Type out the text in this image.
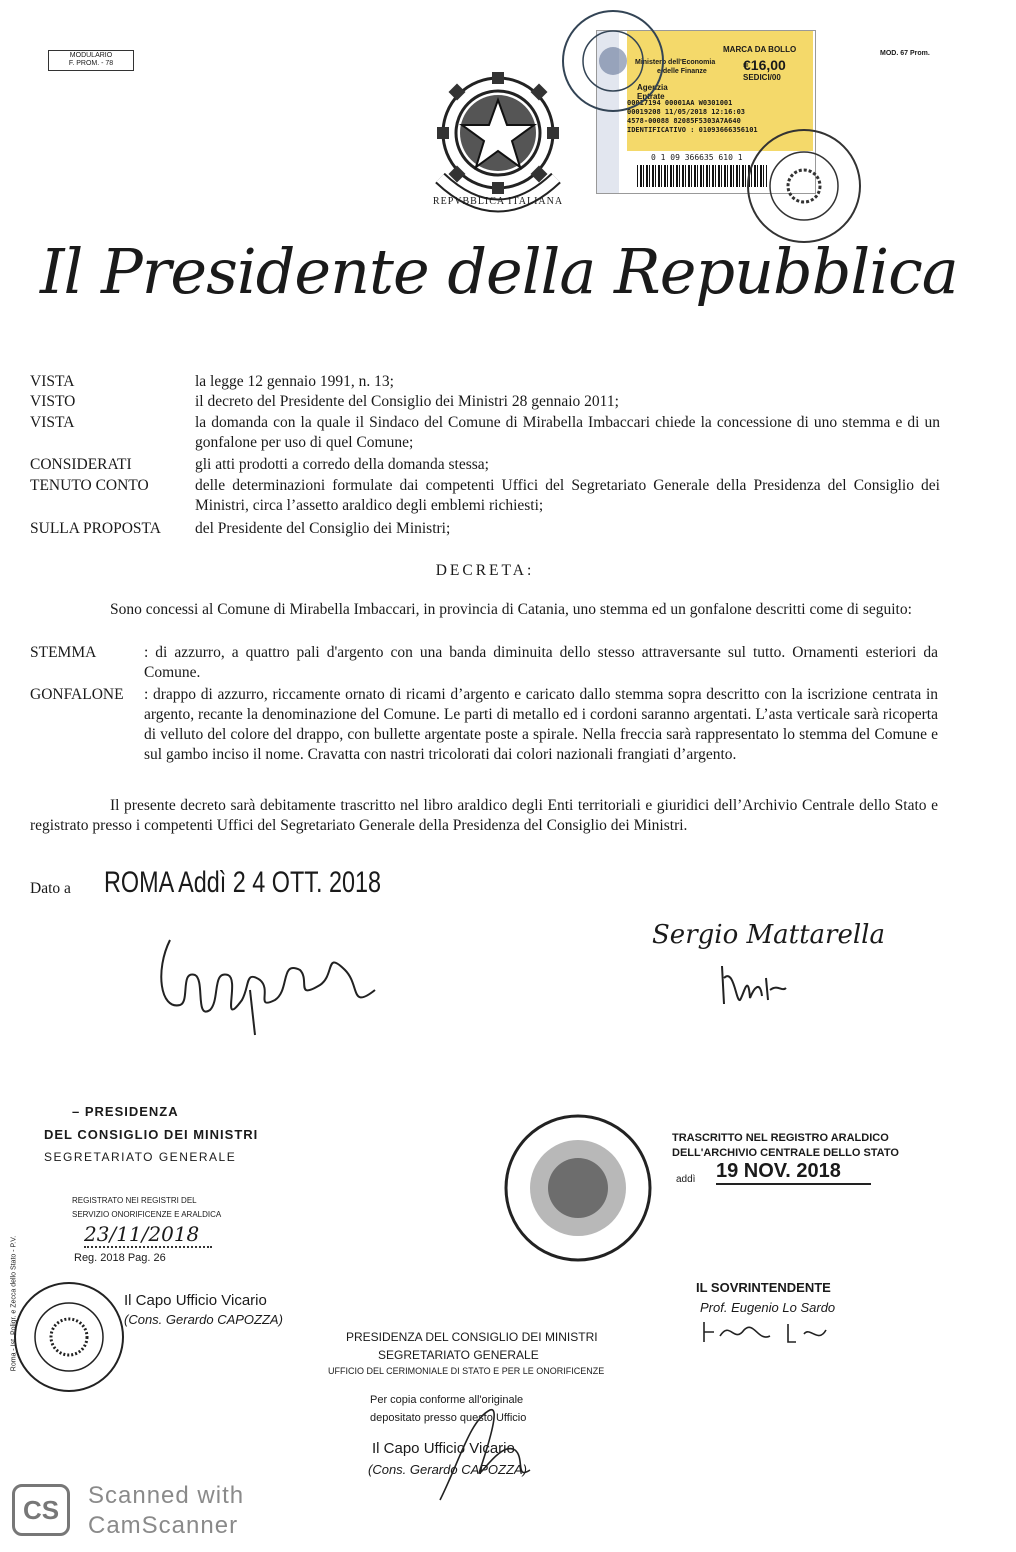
MODULARIO
F. PROM. - 78
MOD. 67 Prom.
REPVBBLICA ITALIANA
Il Presidente della Repubblica
MARCA DA BOLLO
Ministero dell'Economia
e delle Finanze	€16,00
SEDICI/00
Agenzia Entrate
00017194 00001AA W0301001
00019208 11/05/2018 12:16:03
4578-00088 82085F5303A7A640
IDENTIFICATIVO : 01093666356101
0 1 09 366635 610 1
VISTA	la legge 12 gennaio 1991, n. 13;
VISTO	il decreto del Presidente del Consiglio dei Ministri 28 gennaio 2011;
VISTA	la domanda con la quale il Sindaco del Comune di Mirabella Imbaccari chiede la concessione di uno stemma e di un gonfalone per uso di quel Comune;
CONSIDERATI	gli atti prodotti a corredo della domanda stessa;
TENUTO CONTO	delle determinazioni formulate dai competenti Uffici del Segretariato Generale della Presidenza del Consiglio dei Ministri, circa l’assetto araldico degli emblemi richiesti;
SULLA PROPOSTA del Presidente del Consiglio dei Ministri;
DECRETA:
Sono concessi al Comune di Mirabella Imbaccari, in provincia di Catania, uno stemma ed un gonfalone descritti come di seguito:
STEMMA	: di azzurro, a quattro pali d'argento con una banda diminuita dello stesso attraversante sul tutto. Ornamenti esteriori da Comune.
GONFALONE : drappo di azzurro, riccamente ornato di ricami d’argento e caricato dallo stemma sopra descritto con la iscrizione centrata in argento, recante la denominazione del Comune. Le parti di metallo ed i cordoni saranno argentati. L’asta verticale sarà ricoperta di velluto del colore del drappo, con bullette argentate poste a spirale. Nella freccia sarà rappresentato lo stemma del Comune e sul gambo inciso il nome. Cravatta con nastri tricolorati dai colori nazionali frangiati d’argento.
Il presente decreto sarà debitamente trascritto nel libro araldico degli Enti territoriali e giuridici dell’Archivio Centrale dello Stato e registrato presso i competenti Uffici del Segretariato Generale della Presidenza del Consiglio dei Ministri.
Dato a ROMA Addì 2 4 OTT. 2018
Sergio Mattarella
– PRESIDENZA
DEL CONSIGLIO DEI MINISTRI
SEGRETARIATO GENERALE
REGISTRATO NEI REGISTRI DEL
SERVIZIO ONORIFICENZE E ARALDICA
23/11/2018
Reg. 2018 Pag. 26
Il Capo Ufficio Vicario
(Cons. Gerardo CAPOZZA)
Roma - Ist. Poligr. e Zecca dello Stato - P.V.
TRASCRITTO NEL REGISTRO ARALDICO
DELL'ARCHIVIO CENTRALE DELLO STATO
addì 19 NOV. 2018
IL SOVRINTENDENTE
Prof. Eugenio Lo Sardo
PRESIDENZA DEL CONSIGLIO DEI MINISTRI
SEGRETARIATO GENERALE
UFFICIO DEL CERIMONIALE DI STATO E PER LE ONORIFICENZE
Per copia conforme all'originale
depositato presso questo Ufficio
Il Capo Ufficio Vicario
(Cons. Gerardo CAPOZZA)
CS Scanned with
CamScanner
